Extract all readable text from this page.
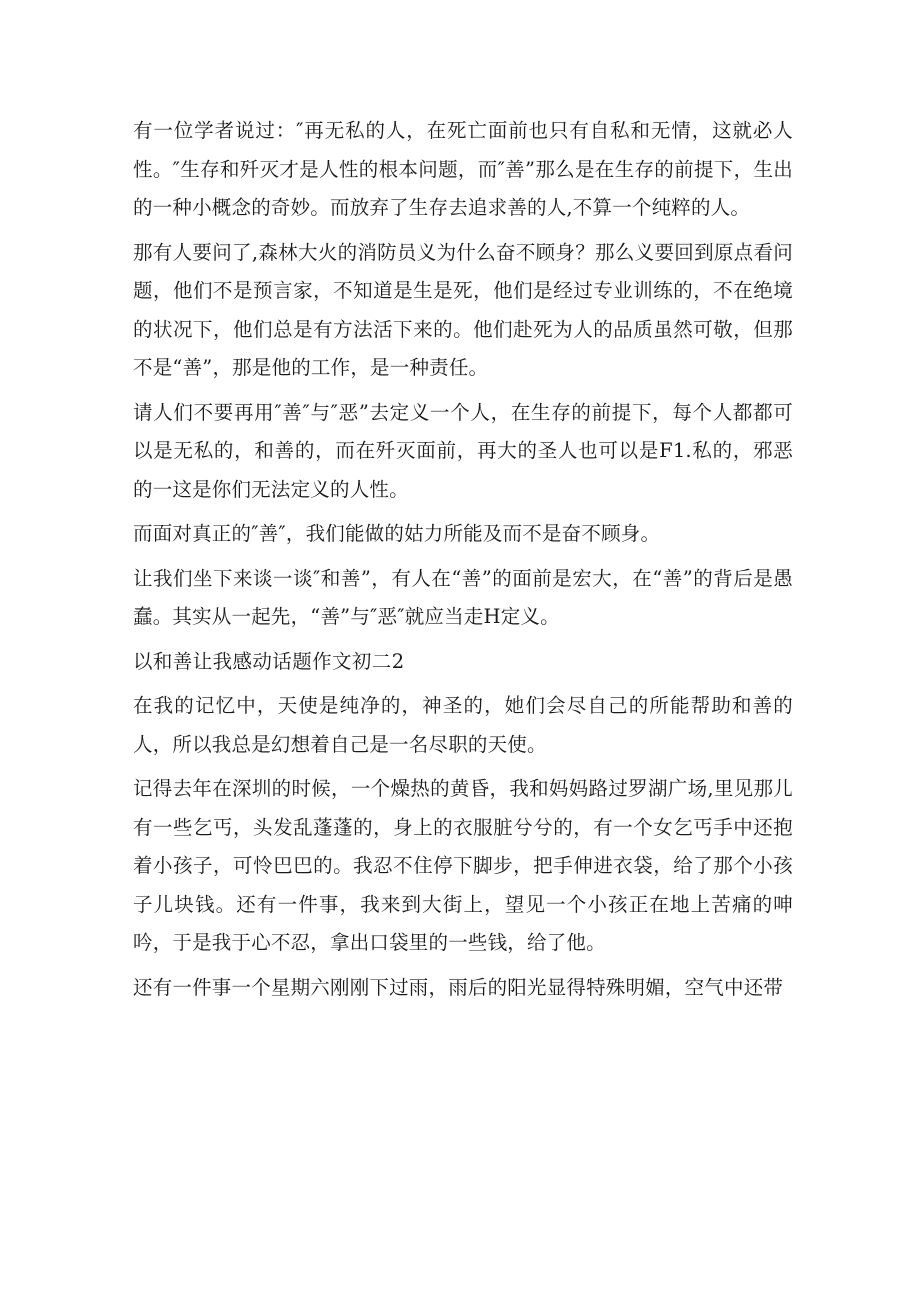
有一位学者说过：″再无私的人，在死亡面前也只有自私和无情，这就必人性。″生存和歼灭才是人性的根本问题，而″善”那么是在生存的前提下，生出的一种小概念的奇妙。而放弃了生存去追求善的人,不算一个纯粹的人。

那有人要问了,森林大火的消防员义为什么奋不顾身？那么义要回到原点看问题，他们不是预言家，不知道是生是死，他们是经过专业训练的，不在绝境的状况下，他们总是有方法活下来的。他们赴死为人的品质虽然可敬，但那不是“善”，那是他的工作，是一种责任。

请人们不要再用″善″与″恶”去定义一个人，在生存的前提下，每个人都都可以是无私的，和善的，而在歼灭面前，再大的圣人也可以是F1.私的，邪恶的一这是你们无法定义的人性。

而面对真正的″善″，我们能做的姑力所能及而不是奋不顾身。

让我们坐下来谈一谈″和善”，有人在“善”的面前是宏大，在“善”的背后是愚蠢。其实从一起先，“善”与″恶″就应当走H定义。

以和善让我感动话题作文初二2

在我的记忆中，天使是纯净的，神圣的，她们会尽自己的所能帮助和善的人，所以我总是幻想着自己是一名尽职的天使。

记得去年在深圳的时候，一个燥热的黄昏，我和妈妈路过罗湖广场,里见那儿有一些乞丐，头发乱蓬蓬的，身上的衣服脏兮兮的，有一个女乞丐手中还抱着小孩子，可怜巴巴的。我忍不住停下脚步，把手伸进衣袋，给了那个小孩子儿块钱。还有一件事，我来到大街上，望见一个小孩正在地上苦痛的呻吟，于是我于心不忍，拿出口袋里的一些钱，给了他。

还有一件事一个星期六刚刚下过雨，雨后的阳光显得特殊明媚，空气中还带
